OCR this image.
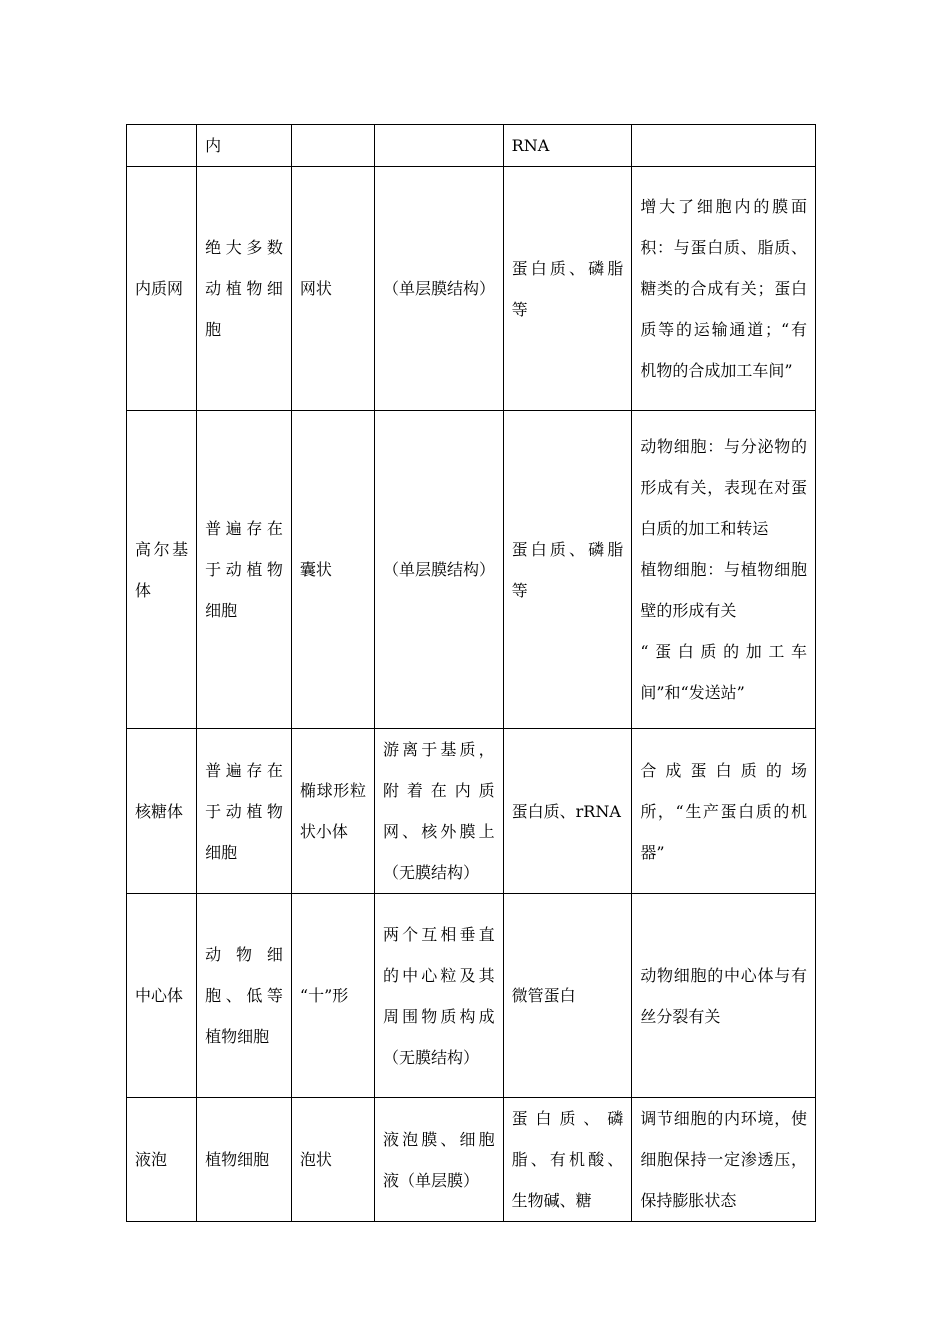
	内			RNA	
内质网	绝大多数动植物细胞	网状	（单层膜结构）	蛋白质、磷脂等	增大了细胞内的膜面积：与蛋白质、脂质、糖类的合成有关；蛋白质等的运输通道；“有机物的合成加工车间”

高尔基体	普遍存在于动植物细胞	囊状	（单层膜结构）	蛋白质、磷脂等	动物细胞：与分泌物的形成有关，表现在对蛋白质的加工和转运
植物细胞：与植物细胞壁的形成有关
“蛋白质的加工车间”和“发送站”

核糖体	普遍存在于动植物细胞	椭球形粒状小体	游离于基质，附着在内质网、核外膜上（无膜结构）	蛋白质、rRNA	合成蛋白质的场所，“生产蛋白质的机器”

中心体	动物细胞、低等植物细胞	“十”形	两个互相垂直的中心粒及其周围物质构成（无膜结构）	微管蛋白	动物细胞的中心体与有丝分裂有关
液泡	植物细胞	泡状	液泡膜、细胞液（单层膜）	蛋白质、磷脂、有机酸、生物碱、糖	调节细胞的内环境，使细胞保持一定渗透压，保持膨胀状态
